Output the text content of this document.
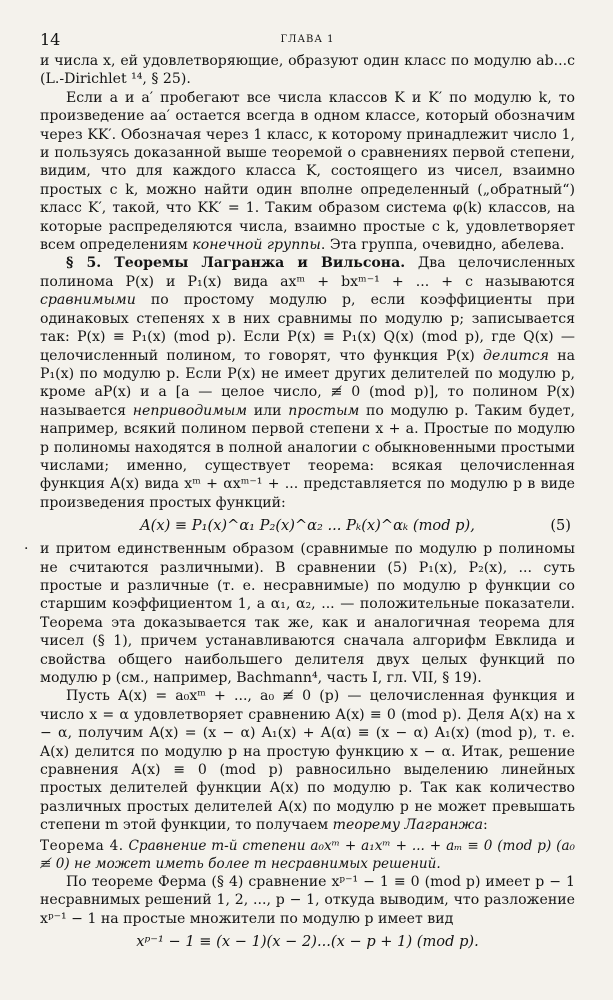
14	ГЛАВА 1

и числа x, ей удовлетворяющие, образуют один класс по модулю ab...c (L.-Dirichlet ¹⁴, § 25).

Если a и a′ пробегают все числа классов K и K′ по модулю k, то произведение aa′ остается всегда в одном классе, который обозначим через KK′. Обозначая через 1 класс, к которому принадлежит число 1, и пользуясь доказанной выше теоремой о сравнениях первой степени, видим, что для каждого класса K, состоящего из чисел, взаимно простых с k, можно найти один вполне определенный („обратный“) класс K′, такой, что KK′ = 1. Таким образом система φ(k) классов, на которые распределяются числа, взаимно простые с k, удовлетворяет всем определениям конечной группы. Эта группа, очевидно, абелева.

§ 5. Теоремы Лагранжа и Вильсона. Два целочисленных полинома P(x) и P₁(x) вида axᵐ + bxᵐ⁻¹ + ... + c называются сравнимыми по простому модулю p, если коэффициенты при одинаковых степенях x в них сравнимы по модулю p; записывается так: P(x) ≡ P₁(x) (mod p). Если P(x) ≡ P₁(x) Q(x) (mod p), где Q(x) — целочисленный полином, то говорят, что функция P(x) делится на P₁(x) по модулю p. Если P(x) не имеет других делителей по модулю p, кроме aP(x) и a [a — целое число, ≢ 0 (mod p)], то полином P(x) называется неприводимым или простым по модулю p. Таким будет, например, всякий полином первой степени x + a. Простые по модулю p полиномы находятся в полной аналогии с обыкновенными простыми числами; именно, существует теорема: всякая целочисленная функция A(x) вида xᵐ + αxᵐ⁻¹ + ... представляется по модулю p в виде произведения простых функций:

A(x) ≡ P₁(x)^α₁ P₂(x)^α₂ ... Pₖ(x)^αₖ (mod p),	(5)

· и притом единственным образом (сравнимые по модулю p полиномы не считаются различными). В сравнении (5) P₁(x), P₂(x), ... суть простые и различные (т. е. несравнимые) по модулю p функции со старшим коэффициентом 1, а α₁, α₂, ... — положительные показатели. Теорема эта доказывается так же, как и аналогичная теорема для чисел (§ 1), причем устанавливаются сначала алгорифм Евклида и свойства общего наибольшего делителя двух целых функций по модулю p (см., например, Bachmann⁴, часть I, гл. VII, § 19).

Пусть A(x) = a₀xᵐ + ..., a₀ ≢ 0 (p) — целочисленная функция и число x = α удовлетворяет сравнению A(x) ≡ 0 (mod p). Деля A(x) на x − α, получим A(x) = (x − α) A₁(x) + A(α) ≡ (x − α) A₁(x) (mod p), т. е. A(x) делится по модулю p на простую функцию x − α. Итак, решение сравнения A(x) ≡ 0 (mod p) равносильно выделению линейных простых делителей функции A(x) по модулю p. Так как количество различных простых делителей A(x) по модулю p не может превышать степени m этой функции, то получаем теорему Лагранжа:

Теорема 4. Сравнение m-й степени a₀xᵐ + a₁xᵐ + ... + aₘ ≡ 0 (mod p) (a₀ ≢ 0) не может иметь более m несравнимых решений.

По теореме Ферма (§ 4) сравнение xᵖ⁻¹ − 1 ≡ 0 (mod p) имеет p − 1 несравнимых решений 1, 2, ..., p − 1, откуда выводим, что разложение xᵖ⁻¹ − 1 на простые множители по модулю p имеет вид

xᵖ⁻¹ − 1 ≡ (x − 1)(x − 2)...(x − p + 1) (mod p).
